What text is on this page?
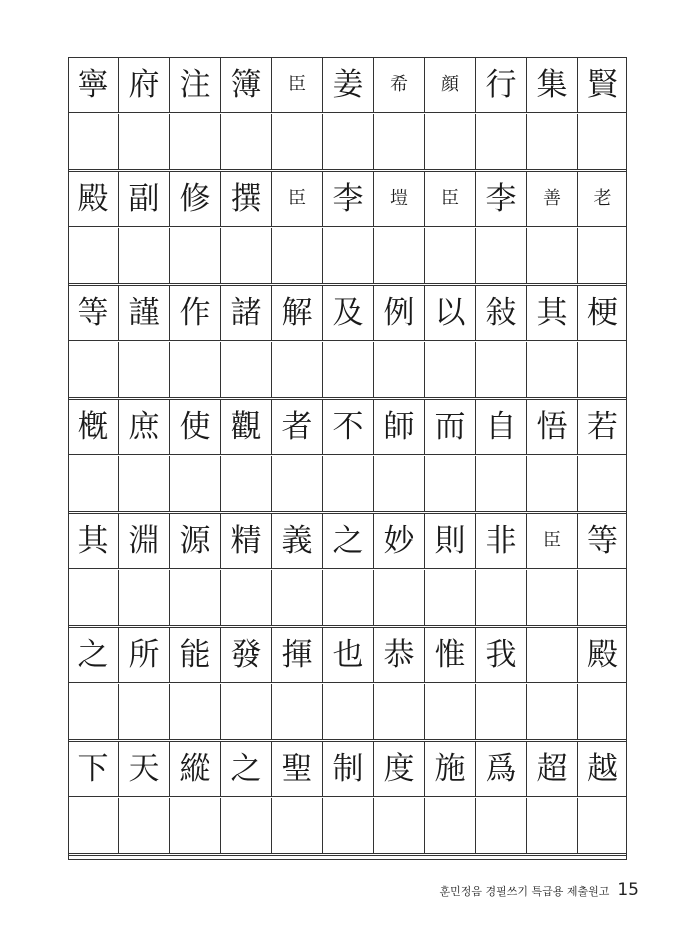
寧 府 注 簿 臣 姜 希 顔 行 集 賢
殿 副 修 撰 臣 李 塏 臣 李 善 老
等 謹 作 諸 解 及 例 以 敍 其 梗
槪 庶 使 觀 者 不 師 而 自 悟 若
其 淵 源 精 義 之 妙 則 非 臣 等
之 所 能 發 揮 也 恭 惟 我 殿
下 天 縱 之 聖 制 度 施 爲 超 越
훈민정음 경필쓰기 특급용 제출원고 15
